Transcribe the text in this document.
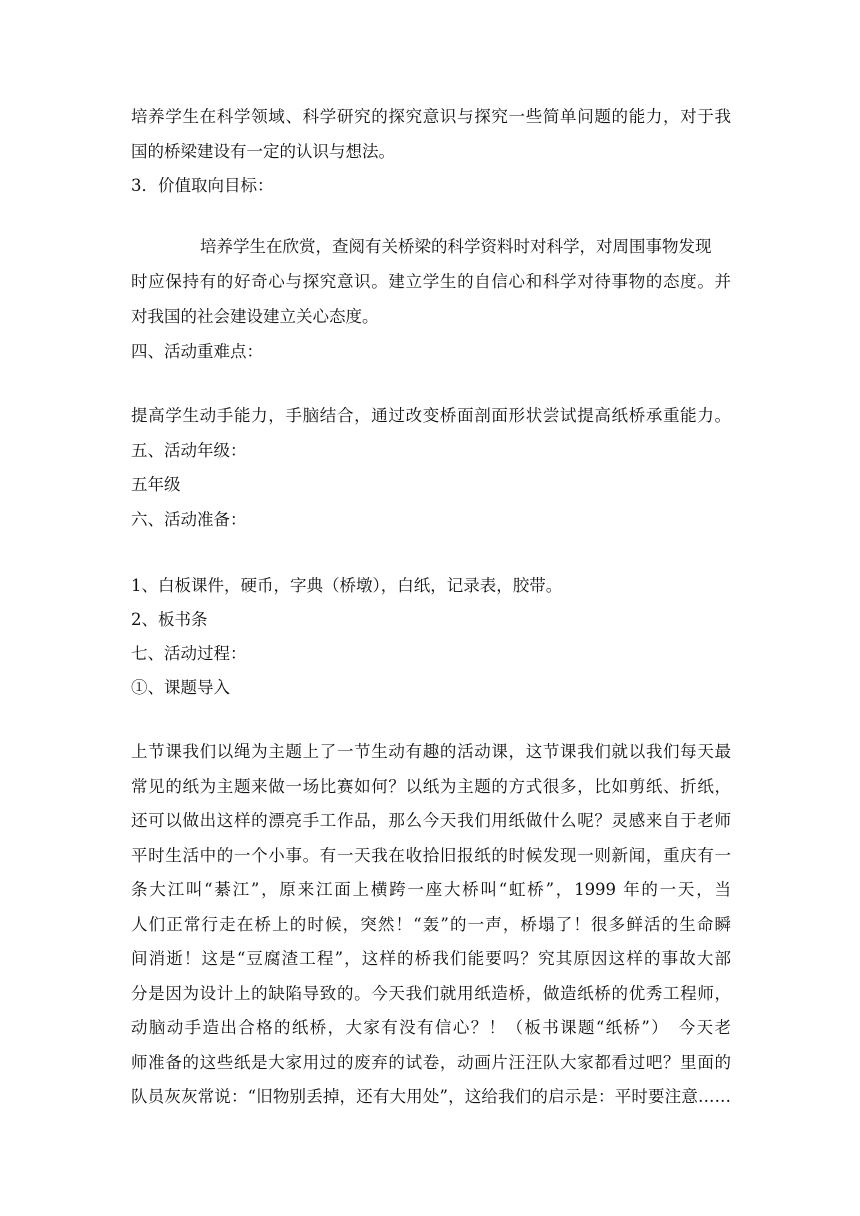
培养学生在科学领域、科学研究的探究意识与探究一些简单问题的能力，对于我
国的桥梁建设有一定的认识与想法。
3．价值取向目标：
培养学生在欣赏，查阅有关桥梁的科学资料时对科学，对周围事物发现
时应保持有的好奇心与探究意识。建立学生的自信心和科学对待事物的态度。并
对我国的社会建设建立关心态度。
四、活动重难点：
提高学生动手能力，手脑结合，通过改变桥面剖面形状尝试提高纸桥承重能力。
五、活动年级：
五年级
六、活动准备：
1、白板课件，硬币，字典（桥墩），白纸，记录表，胶带。
2、板书条
七、活动过程：
①、课题导入
上节课我们以绳为主题上了一节生动有趣的活动课，这节课我们就以我们每天最
常见的纸为主题来做一场比赛如何？以纸为主题的方式很多，比如剪纸、折纸，
还可以做出这样的漂亮手工作品，那么今天我们用纸做什么呢？灵感来自于老师
平时生活中的一个小事。有一天我在收拾旧报纸的时候发现一则新闻，重庆有一
条大江叫“綦江”，原来江面上横跨一座大桥叫“虹桥”，1999 年的一天，当
人们正常行走在桥上的时候，突然！“轰”的一声，桥塌了！很多鲜活的生命瞬
间消逝！这是“豆腐渣工程”，这样的桥我们能要吗？究其原因这样的事故大部
分是因为设计上的缺陷导致的。今天我们就用纸造桥，做造纸桥的优秀工程师，
动脑动手造出合格的纸桥，大家有没有信心？！（板书课题“纸桥”）　今天老
师准备的这些纸是大家用过的废弃的试卷，动画片汪汪队大家都看过吧？里面的
队员灰灰常说：“旧物别丢掉，还有大用处”，这给我们的启示是：平时要注意……
